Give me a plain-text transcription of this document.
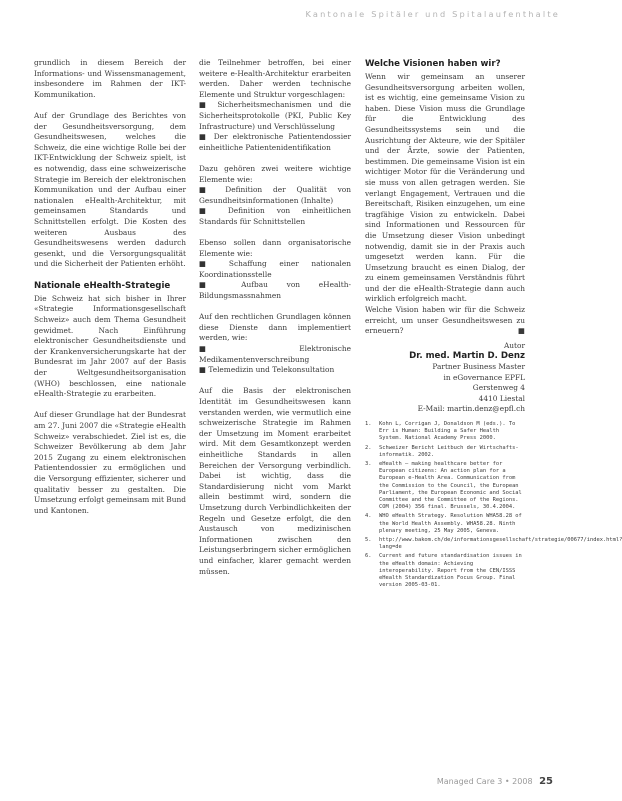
Kantonale Spitäler und Spitalaufenthalte

grundlich in diesem Bereich der Informations- und Wissensmanagement, insbesondere im Rahmen der IKT-Kommunikation.

Auf der Grundlage des Berichtes von der Gesundheitsversorgung, dem Gesundheitswesen, welches die Schweiz, die eine wichtige Rolle bei der IKT-Entwicklung der Schweiz spielt, ist es notwendig, dass eine schweizerische Strategie im Bereich der elektronischen Kommunikation und der Aufbau einer nationalen eHealth-Architektur, mit gemeinsamen Standards und Schnittstellen erfolgt. Die Kosten des weiteren Ausbaus des Gesundheitswesens werden dadurch gesenkt, und die Versorgungsqualität und die Sicherheit der Patienten erhöht.

Nationale eHealth-Strategie

Die Schweiz hat sich bisher in Ihrer «Strategie Informationsgesellschaft Schweiz» auch dem Thema Gesundheit gewidmet. Nach Einführung elektronischer Gesundheitsdienste und der Krankenversicherungskarte hat der Bundesrat im Jahr 2007 auf der Basis der Weltgesundheitsorganisation (WHO) beschlossen, eine nationale eHealth-Strategie zu erarbeiten.

Auf dieser Grundlage hat der Bundesrat am 27. Juni 2007 die «Strategie eHealth Schweiz» verabschiedet. Ziel ist es, die Schweizer Bevölkerung ab dem Jahr 2015 Zugang zu einem elektronischen Patientendossier zu ermöglichen und die Versorgung effizienter, sicherer und qualitativ besser zu gestalten. Die Umsetzung erfolgt gemeinsam mit Bund und Kantonen.

die Teilnehmer betroffen, bei einer weitere e-Health-Architektur erarbeiten werden. Daher werden technische Elemente und Struktur vorgeschlagen:

■ Sicherheitsmechanismen und die Sicherheitsprotokolle (PKI, Public Key Infrastructure) und Verschlüsselung
■ Der elektronische Patientendossier einheitliche Patientenidentifikation

Dazu gehören zwei weitere wichtige Elemente wie:

■ Definition der Qualität von Gesundheitsinformationen (Inhalte)
■ Definition von einheitlichen Standards für Schnittstellen

Ebenso sollen dann organisatorische Elemente wie:

■ Schaffung einer nationalen Koordinationsstelle
■ Aufbau von eHealth-Bildungsmassnahmen

Auf den rechtlichen Grundlagen können diese Dienste dann implementiert werden, wie:

■ Elektronische Medikamentenverschreibung
■ Telemedizin und Telekonsultation

Auf die Basis der elektronischen Identität im Gesundheitswesen kann verstanden werden, wie vermutlich eine schweizerische Strategie im Rahmen der Umsetzung im Moment erarbeitet wird. Mit dem Gesamtkonzept werden einheitliche Standards in allen Bereichen der Versorgung verbindlich. Dabei ist wichtig, dass die Standardisierung nicht vom Markt allein bestimmt wird, sondern die Umsetzung durch Verbindlichkeiten der Regeln und Gesetze erfolgt, die den Austausch von medizinischen Informationen zwischen den Leistungserbringern sicher ermöglichen und einfacher, klarer gemacht werden müssen.

Welche Visionen haben wir?

Wenn wir gemeinsam an unserer Gesundheitsversorgung arbeiten wollen, ist es wichtig, eine gemeinsame Vision zu haben. Diese Vision muss die Grundlage für die Entwicklung des Gesundheitssystems sein und die Ausrichtung der Akteure, wie der Spitäler und der Ärzte, sowie der Patienten, bestimmen. Die gemeinsame Vision ist ein wichtiger Motor für die Veränderung und sie muss von allen getragen werden. Sie verlangt Engagement, Vertrauen und die Bereitschaft, Risiken einzugehen, um eine tragfähige Vision zu entwickeln. Dabei sind Informationen und Ressourcen für die Umsetzung dieser Vision unbedingt notwendig, damit sie in der Praxis auch umgesetzt werden kann. Für die Umsetzung braucht es einen Dialog, der zu einem gemeinsamen Verständnis führt und der die eHealth-Strategie dann auch wirklich erfolgreich macht.

Welche Vision haben wir für die Schweiz erreicht, um unser Gesundheitswesen zu erneuern?	■

Autor
Dr. med. Martin D. Denz
Partner Business Master
in eGovernance EPFL
Gerstenweg 4
4410 Liestal
E-Mail: martin.denz@epfl.ch
1.	Kohn L, Corrigan J, Donaldson M (eds.). To Err is Human: Building a Safer Health System. National Academy Press 2000.
2.	Schweizer Bericht Leitbuch der Wirtschaftsinformatik. 2002.
3.	eHealth – making healthcare better for European citizens: An action plan for a European e-Health Area. Communication from the Commission to the Council, the European Parliament, the European Economic and Social Committee and the Committee of the Regions. COM (2004) 356 final. Brussels, 30.4.2004.
4.	WHO eHealth Strategy. Resolution WHA58.28 of the World Health Assembly. WHA58.28. Ninth plenary meeting, 25 May 2005, Geneva.
5.	http://www.bakom.ch/de/informationsgesellschaft/strategie/00677/index.html?lang=de
6.	Current and future standardisation issues in the eHealth domain: Achieving interoperability. Report from the CEN/ISSS eHealth Standardization Focus Group. Final version 2005-03-01.
Managed Care 3 • 2008 25
